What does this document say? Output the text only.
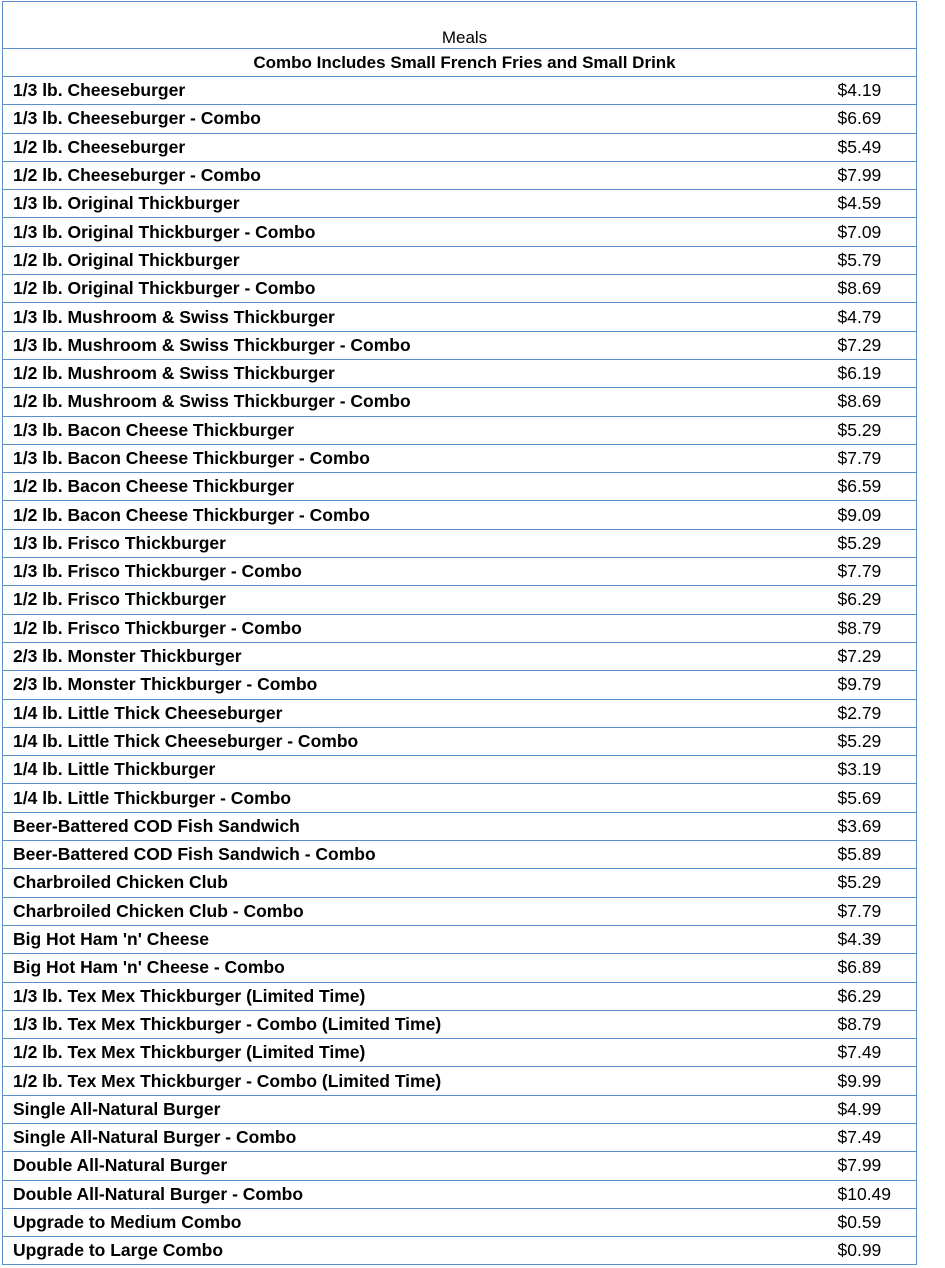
Meals	
Combo Includes Small French Fries and Small Drink	
1/3 lb. Cheeseburger	$4.19
1/3 lb. Cheeseburger - Combo	$6.69
1/2 lb. Cheeseburger	$5.49
1/2 lb. Cheeseburger - Combo	$7.99
1/3 lb. Original Thickburger	$4.59
1/3 lb. Original Thickburger - Combo	$7.09
1/2 lb. Original Thickburger	$5.79
1/2 lb. Original Thickburger - Combo	$8.69
1/3 lb. Mushroom & Swiss Thickburger	$4.79
1/3 lb. Mushroom & Swiss Thickburger - Combo	$7.29
1/2 lb. Mushroom & Swiss Thickburger	$6.19
1/2 lb. Mushroom & Swiss Thickburger - Combo	$8.69
1/3 lb. Bacon Cheese Thickburger	$5.29
1/3 lb. Bacon Cheese Thickburger - Combo	$7.79
1/2 lb. Bacon Cheese Thickburger	$6.59
1/2 lb. Bacon Cheese Thickburger - Combo	$9.09
1/3 lb. Frisco Thickburger	$5.29
1/3 lb. Frisco Thickburger - Combo	$7.79
1/2 lb. Frisco Thickburger	$6.29
1/2 lb. Frisco Thickburger - Combo	$8.79
2/3 lb. Monster Thickburger	$7.29
2/3 lb. Monster Thickburger - Combo	$9.79
1/4 lb. Little Thick Cheeseburger	$2.79
1/4 lb. Little Thick Cheeseburger - Combo	$5.29
1/4 lb. Little Thickburger	$3.19
1/4 lb. Little Thickburger - Combo	$5.69
Beer-Battered COD Fish Sandwich	$3.69
Beer-Battered COD Fish Sandwich - Combo	$5.89
Charbroiled Chicken Club	$5.29
Charbroiled Chicken Club - Combo	$7.79
Big Hot Ham 'n' Cheese	$4.39
Big Hot Ham 'n' Cheese - Combo	$6.89
1/3 lb. Tex Mex Thickburger (Limited Time)	$6.29
1/3 lb. Tex Mex Thickburger - Combo (Limited Time)	$8.79
1/2 lb. Tex Mex Thickburger (Limited Time)	$7.49
1/2 lb. Tex Mex Thickburger - Combo (Limited Time)	$9.99
Single All-Natural Burger	$4.99
Single All-Natural Burger - Combo	$7.49
Double All-Natural Burger	$7.99
Double All-Natural Burger - Combo	$10.49
Upgrade to Medium Combo	$0.59
Upgrade to Large Combo	$0.99
